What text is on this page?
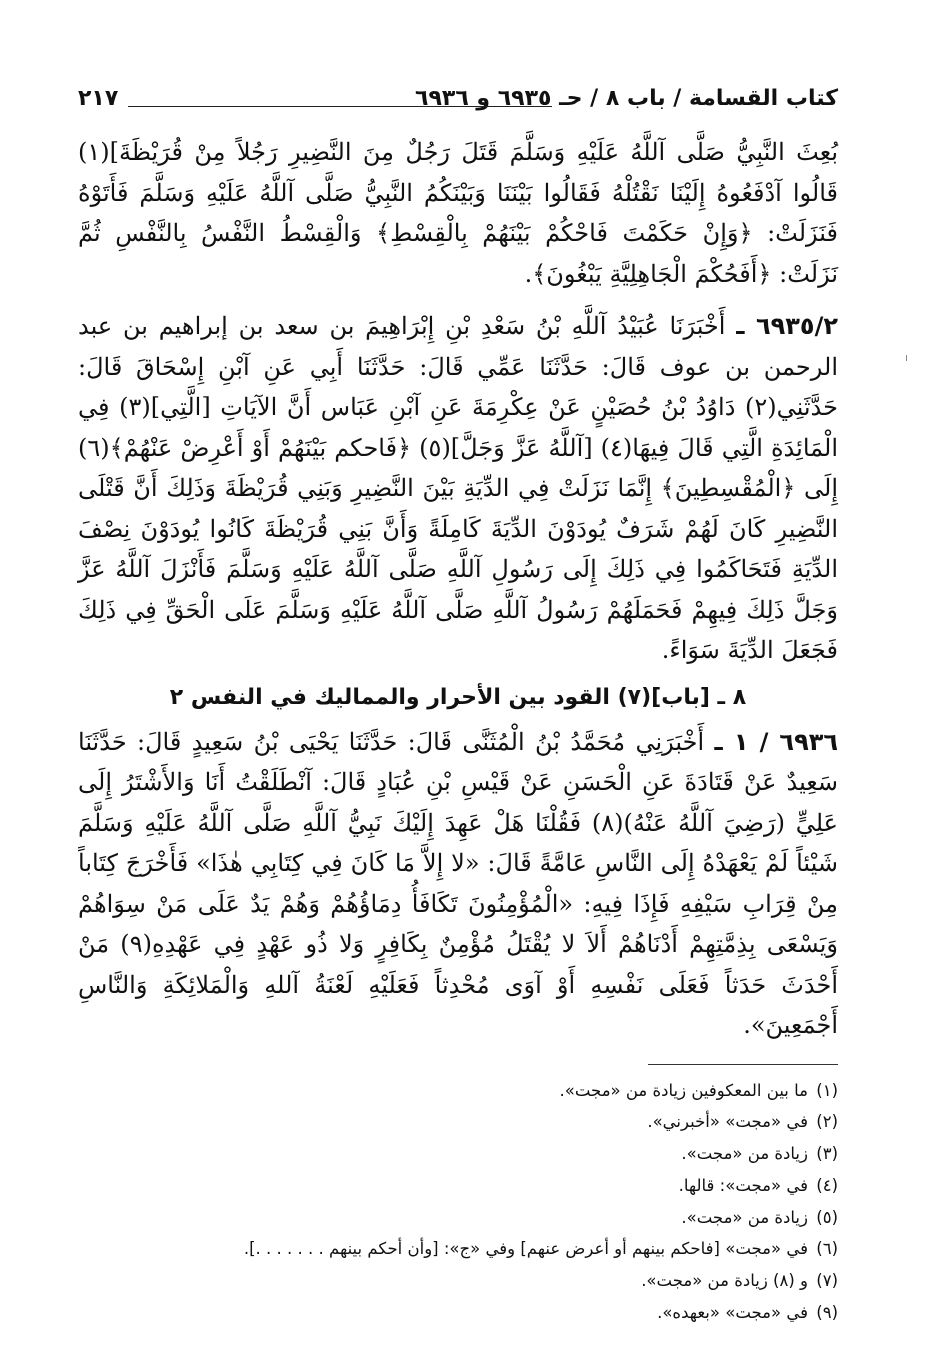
كتاب القسامة / باب ٨ / حـ ٦٩٣٥ و ٦٩٣٦
٢١٧

بُعِثَ النَّبِيُّ صَلَّى آللَّهُ عَلَيْهِ وَسَلَّمَ قَتَلَ رَجُلٌ مِنَ النَّضِيرِ رَجُلاً مِنْ قُرَيْظَةَ](١) قَالُوا آدْفَعُوهُ إِلَيْنَا نَقْتُلْهُ فَقَالُوا بَيْنَنَا وَبَيْنَكُمُ النَّبِيُّ صَلَّى آللَّهُ عَلَيْهِ وَسَلَّمَ فَأَتَوْهُ فَنَزَلَتْ: ﴿وَإِنْ حَكَمْتَ فَاحْكُمْ بَيْنَهُمْ بِالْقِسْطِ﴾ وَالْقِسْطُ النَّفْسُ بِالنَّفْسِ ثُمَّ نَزَلَتْ: ﴿أَفَحُكْمَ الْجَاهِلِيَّةِ يَبْغُونَ﴾.

٦٩٣٥/٢ ـ أَخْبَرَنَا عُبَيْدُ آللَّهِ بْنُ سَعْدِ بْنِ إِبْرَاهِيمَ بن سعد بن إبراهيم بن عبد الرحمن بن عوف قَالَ: حَدَّثَنَا عَمِّي قَالَ: حَدَّثَنَا أَبِي عَنِ آبْنِ إِسْحَاقَ قَالَ: حَدَّثَنِي(٢) دَاوُدُ بْنُ حُصَيْنٍ عَنْ عِكْرِمَةَ عَنِ آبْنِ عَبَاس أَنَّ الآيَاتِ [الَّتِي](٣) فِي الْمَائِدَةِ الَّتِي قَالَ فِيهَا(٤) [آللَّهُ عَزَّ وَجَلَّ](٥) ﴿فَاحكم بَيْنَهُمْ أَوْ أَعْرِضْ عَنْهُمْ﴾(٦) إِلَى ﴿الْمُقْسِطِينَ﴾ إِنَّمَا نَزَلَتْ فِي الدِّيَةِ بَيْنَ النَّضِيرِ وَبَنِي قُرَيْظَةَ وَذَلِكَ أَنَّ قَتْلَى النَّضِيرِ كَانَ لَهُمْ شَرَفٌ يُودَوْنَ الدِّيَةَ كَامِلَةً وَأَنَّ بَنِي قُرَيْظَةَ كَانُوا يُودَوْنَ نِصْفَ الدِّيَةِ فَتَحَاكَمُوا فِي ذَلِكَ إِلَى رَسُولِ آللَّهِ صَلَّى آللَّهُ عَلَيْهِ وَسَلَّمَ فَأَنْزَلَ آللَّهُ عَزَّ وَجَلَّ ذَلِكَ فِيهِمْ فَحَمَلَهُمْ رَسُولُ آللَّهِ صَلَّى آللَّهُ عَلَيْهِ وَسَلَّمَ عَلَى الْحَقِّ فِي ذَلِكَ فَجَعَلَ الدِّيَةَ سَوَاءً.

٨ ـ [باب](٧) القود بين الأحرار والمماليك في النفس ٢

٦٩٣٦ / ١ ـ أَخْبَرَنِي مُحَمَّدُ بْنُ الْمُثَنَّى قَالَ: حَدَّثَنَا يَحْيَى بْنُ سَعِيدٍ قَالَ: حَدَّثَنَا سَعِيدٌ عَنْ قَتَادَةَ عَنِ الْحَسَنِ عَنْ قَيْسِ بْنِ عُبَادٍ قَالَ: آنْطَلَقْتُ أَنَا وَالأَشْتَرُ إِلَى عَلِيٍّ (رَضِيَ آللَّهُ عَنْهُ)(٨) فَقُلْنَا هَلْ عَهِدَ إِلَيْكَ نَبِيُّ آللَّهِ صَلَّى آللَّهُ عَلَيْهِ وَسَلَّمَ شَيْئاً لَمْ يَعْهَدْهُ إِلَى النَّاسِ عَامَّةً قَالَ: «لا إِلاَّ مَا كَانَ فِي كِتَابِي هٰذَا» فَأَخْرَجَ كِتَاباً مِنْ قِرَابِ سَيْفِهِ فَإِذَا فِيهِ: «الْمُؤْمِنُونَ تَكَافَأُ دِمَاؤُهُمْ وَهُمْ يَدٌ عَلَى مَنْ سِوَاهُمْ وَيَسْعَى بِذِمَّتِهِمْ أَدْنَاهُمْ أَلاَ لا يُقْتَلُ مُؤْمِنٌ بِكَافِرٍ وَلا ذُو عَهْدٍ فِي عَهْدِهِ(٩) مَنْ أَحْدَثَ حَدَثاً فَعَلَى نَفْسِهِ أَوْ آوَى مُحْدِثاً فَعَلَيْهِ لَعْنَةُ آللهِ وَالْمَلائِكَةِ وَالنَّاسِ أَجْمَعِينَ».

(١)ما بين المعكوفين زيادة من «مجت».
(٢)في «مجت» «أخبرني».
(٣)زيادة من «مجت».
(٤)في «مجت»: قالها.
(٥)زيادة من «مجت».
(٦)في «مجت» [فاحكم بينهم أو أعرض عنهم] وفي «ج»: [وأن أحكم بينهم . . . . . . .].
(٧)و (٨) زيادة من «مجت».
(٩)في «مجت» «بعهده».
